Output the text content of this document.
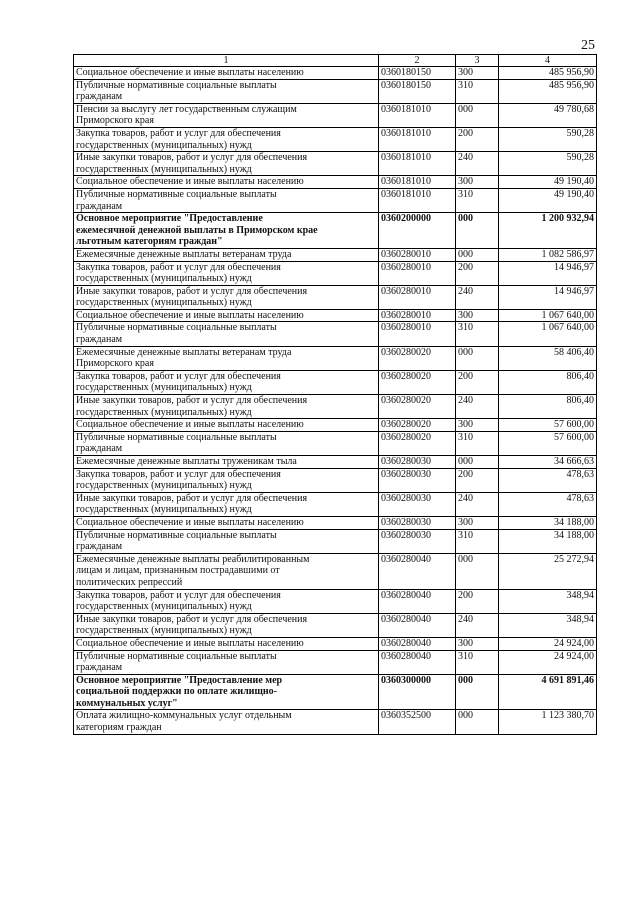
25
1	2	3	4

Социальное обеспечение и иные выплаты населению	0360180150	300	485 956,90

Публичные нормативные социальные выплаты
гражданам	0360180150	310	485 956,90

Пенсии за выслугу лет государственным служащим
Приморского края	0360181010	000	49 780,68

Закупка товаров, работ и услуг для обеспечения
государственных (муниципальных) нужд	0360181010	200	590,28

Иные закупки товаров, работ и услуг для обеспечения
государственных (муниципальных) нужд	0360181010	240	590,28

Социальное обеспечение и иные выплаты населению	0360181010	300	49 190,40

Публичные нормативные социальные выплаты
гражданам	0360181010	310	49 190,40

Основное мероприятие "Предоставление
ежемесячной денежной выплаты в Приморском крае
льготным категориям граждан"	0360200000	000	1 200 932,94

Ежемесячные денежные выплаты ветеранам труда	0360280010	000	1 082 586,97

Закупка товаров, работ и услуг для обеспечения
государственных (муниципальных) нужд	0360280010	200	14 946,97

Иные закупки товаров, работ и услуг для обеспечения
государственных (муниципальных) нужд	0360280010	240	14 946,97

Социальное обеспечение и иные выплаты населению	0360280010	300	1 067 640,00

Публичные нормативные социальные выплаты
гражданам	0360280010	310	1 067 640,00

Ежемесячные денежные выплаты ветеранам труда
Приморского края	0360280020	000	58 406,40

Закупка товаров, работ и услуг для обеспечения
государственных (муниципальных) нужд	0360280020	200	806,40

Иные закупки товаров, работ и услуг для обеспечения
государственных (муниципальных) нужд	0360280020	240	806,40

Социальное обеспечение и иные выплаты населению	0360280020	300	57 600,00

Публичные нормативные социальные выплаты
гражданам	0360280020	310	57 600,00

Ежемесячные денежные выплаты труженикам тыла	0360280030	000	34 666,63

Закупка товаров, работ и услуг для обеспечения
государственных (муниципальных) нужд	0360280030	200	478,63

Иные закупки товаров, работ и услуг для обеспечения
государственных (муниципальных) нужд	0360280030	240	478,63

Социальное обеспечение и иные выплаты населению	0360280030	300	34 188,00

Публичные нормативные социальные выплаты
гражданам	0360280030	310	34 188,00

Ежемесячные денежные выплаты реабилитированным
лицам и лицам, признанным пострадавшими от
политических репрессий	0360280040	000	25 272,94

Закупка товаров, работ и услуг для обеспечения
государственных (муниципальных) нужд	0360280040	200	348,94

Иные закупки товаров, работ и услуг для обеспечения
государственных (муниципальных) нужд	0360280040	240	348,94

Социальное обеспечение и иные выплаты населению	0360280040	300	24 924,00

Публичные нормативные социальные выплаты
гражданам	0360280040	310	24 924,00

Основное мероприятие "Предоставление мер
социальной поддержки по оплате жилищно-
коммунальных услуг"	0360300000	000	4 691 891,46

Оплата жилищно-коммунальных услуг отдельным
категориям граждан	0360352500	000	1 123 380,70
